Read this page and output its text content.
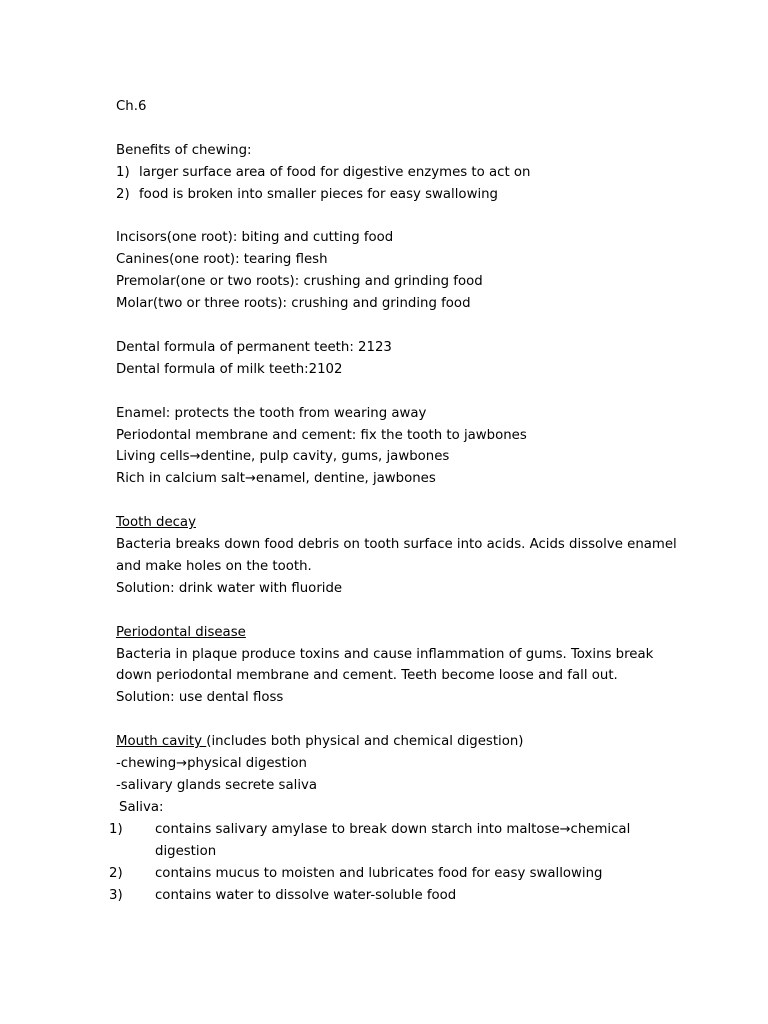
Ch.6
Benefits of chewing:
1) larger surface area of food for digestive enzymes to act on
2) food is broken into smaller pieces for easy swallowing
Incisors(one root): biting and cutting food
Canines(one root): tearing flesh
Premolar(one or two roots): crushing and grinding food
Molar(two or three roots): crushing and grinding food
Dental formula of permanent teeth: 2123
Dental formula of milk teeth:2102
Enamel: protects the tooth from wearing away
Periodontal membrane and cement: fix the tooth to jawbones
Living cells→dentine, pulp cavity, gums, jawbones
Rich in calcium salt→enamel, dentine, jawbones
Tooth decay
Bacteria breaks down food debris on tooth surface into acids. Acids dissolve enamel
and make holes on the tooth.
Solution: drink water with fluoride
Periodontal disease
Bacteria in plaque produce toxins and cause inflammation of gums. Toxins break
down periodontal membrane and cement. Teeth become loose and fall out.
Solution: use dental floss
Mouth cavity (includes both physical and chemical digestion)
-chewing→physical digestion
-salivary glands secrete saliva
Saliva:
1) contains salivary amylase to break down starch into maltose→chemical digestion
2) contains mucus to moisten and lubricates food for easy swallowing
3) contains water to dissolve water-soluble food
